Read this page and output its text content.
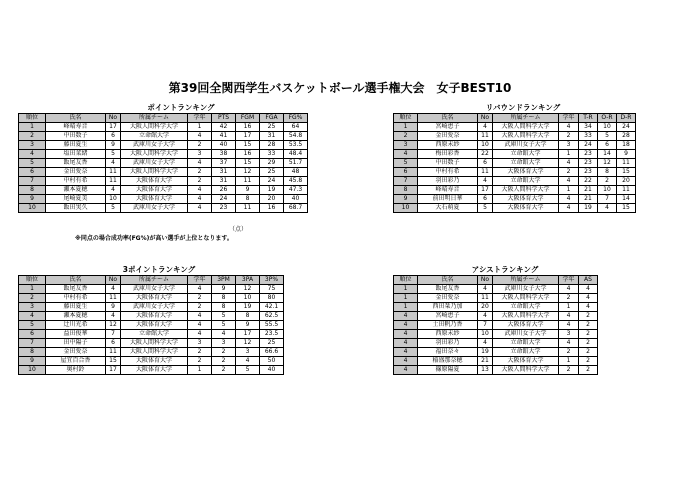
第39回全関西学生バスケットボール選手権大会　女子BEST10
ポイントランキング
順位	氏名	No	所属チーム	学年	PTS	FGM	FGA	FG%
1	峰晴寿音	17	大阪人間科学大学	1	42	16	25	64
2	中田数子	6	立命館大学	4	41	17	31	54.8
3	藤田夏生	9	武庫川女子大学	2	40	15	28	53.5
4	塩田菜緒	5	大阪人間科学大学	3	38	16	33	48.4
5	飯尾友香	4	武庫川女子大学	4	37	15	29	51.7
6	金田愛奈	11	大阪人間科学大学	2	31	12	25	48
7	中村有希	11	大阪体育大学	2	31	11	24	45.8
8	瀬本夏穂	4	大阪体育大学	4	26	9	19	47.3
9	尾崎夏美	10	大阪体育大学	4	24	8	20	40
10	飯田実久	5	武庫川女子大学	4	23	11	16	68.7
（点）
※同点の場合成功率(FG%)が高い選手が上位となります。
リバウンドランキング
順位	氏名	No	所属チーム	学年	T-R	O-R	D-R
1	宮崎恵子	4	大阪人間科学大学	4	34	10	24
2	金田愛奈	11	大阪人間科学大学	2	33	5	28
3	西原未紗	10	武庫川女子大学	3	24	6	18
4	梅田彩香	22	立命館大学	1	23	14	9
5	中田数子	6	立命館大学	4	23	12	11
6	中村有希	11	大阪体育大学	2	23	8	15
7	羽田彩乃	4	立命館大学	4	22	2	20
8	峰晴寿音	17	大阪人間科学大学	1	21	10	11
9	前田明日華	6	大阪体育大学	4	21	7	14
10	大石萌夏	5	大阪体育大学	4	19	4	15
3ポイントランキング
順位	氏名	No	所属チーム	学年	3PM	3PA	3P%
1	飯尾友香	4	武庫川女子大学	4	9	12	75
2	中村有希	11	大阪体育大学	2	8	10	80
3	藤田夏生	9	武庫川女子大学	2	8	19	42.1
4	瀬本夏穂	4	大阪体育大学	4	5	8	62.5
5	辻川光希	12	大阪体育大学	4	5	9	55.5
6	益田俊華	7	立命館大学	4	4	17	23.5
7	田中陽子	6	大阪人間科学大学	3	3	12	25
8	金田愛奈	11	大阪人間科学大学	2	2	3	66.6
9	屋宜百合香	15	大阪体育大学	2	2	4	50
10	奥村鈴	17	大阪体育大学	1	2	5	40
アシストランキング
順位	氏名	No	所属チーム	学年	AS
1	飯尾友香	4	武庫川女子大学	4	4
1	金田愛奈	11	大阪人間科学大学	2	4
1	西田栞乃加	20	立命館大学	1	4
4	宮崎恵子	4	大阪人間科学大学	4	2
4	土田帆乃香	7	大阪体育大学	4	2
4	西原未紗	10	武庫川女子大学	3	2
4	羽田彩乃	4	立命館大学	4	2
4	福田奈々	19	立命館大学	2	2
4	稲盛那奈穂	21	大阪体育大学	1	2
4	篠原陽夏	13	大阪人間科学大学	2	2
